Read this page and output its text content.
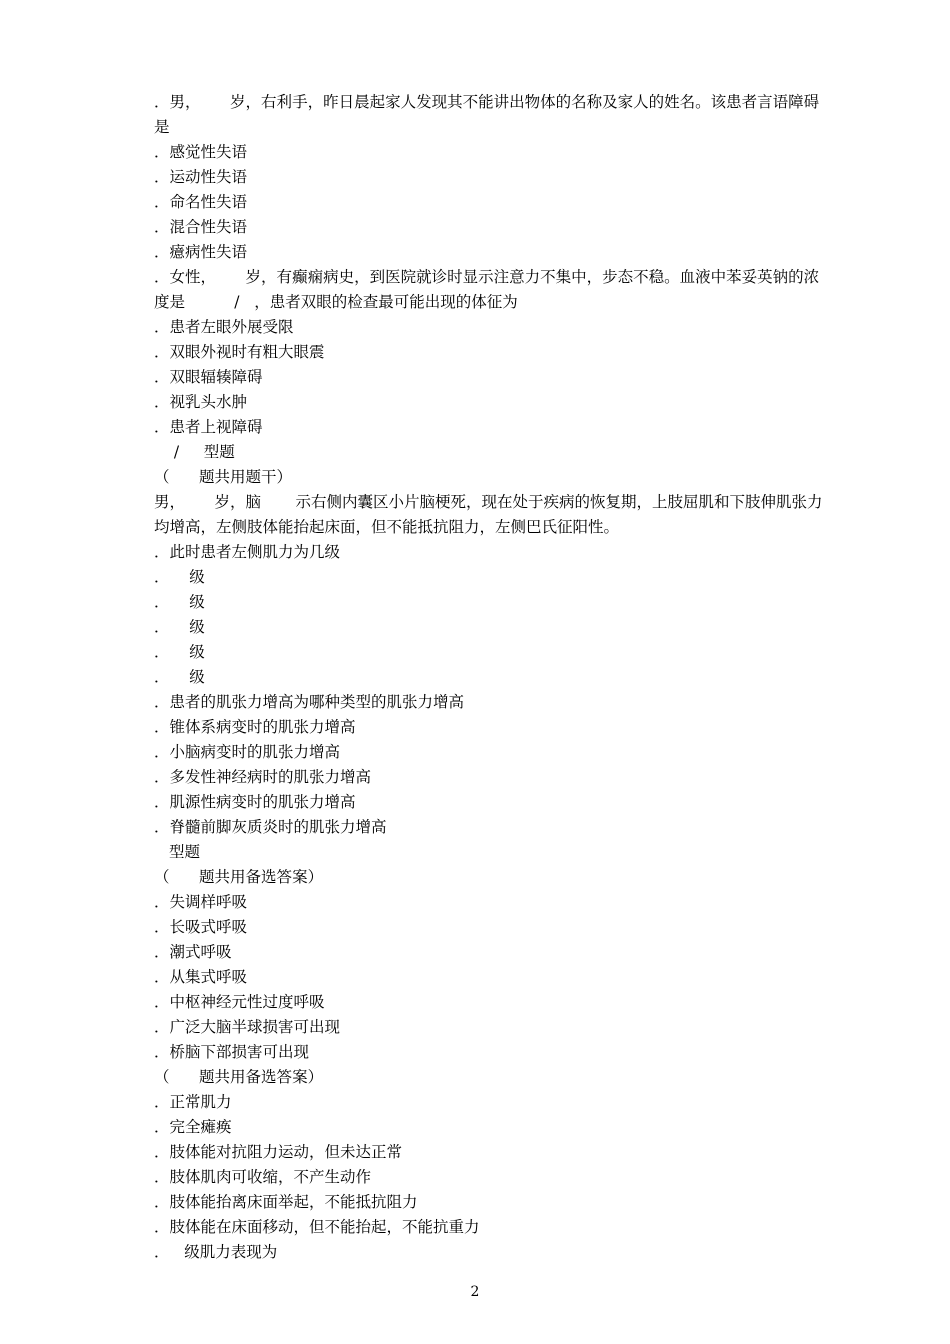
．男，      岁，右利手，昨日晨起家人发现其不能讲出物体的名称及家人的姓名。该患者言语障碍是
．感觉性失语
．运动性失语
．命名性失语
．混合性失语
．癔病性失语
．女性，      岁，有癫痫病史，到医院就诊时显示注意力不集中，步态不稳。血液中苯妥英钠的浓度是          /   ，患者双眼的检查最可能出现的体征为
．患者左眼外展受限
．双眼外视时有粗大眼震
．双眼辐辏障碍
．视乳头水肿
．患者上视障碍
/     型题
（      题共用题干）
男，      岁，脑       示右侧内囊区小片脑梗死，现在处于疾病的恢复期，上肢屈肌和下肢伸肌张力均增高，左侧肢体能抬起床面，但不能抵抗阻力，左侧巴氏征阳性。
．此时患者左侧肌力为几级
．    级
．    级
．    级
．    级
．    级
．患者的肌张力增高为哪种类型的肌张力增高
．锥体系病变时的肌张力增高
．小脑病变时的肌张力增高
．多发性神经病时的肌张力增高
．肌源性病变时的肌张力增高
．脊髓前脚灰质炎时的肌张力增高
型题
（      题共用备选答案）
．失调样呼吸
．长吸式呼吸
．潮式呼吸
．从集式呼吸
．中枢神经元性过度呼吸
．广泛大脑半球损害可出现
．桥脑下部损害可出现
（      题共用备选答案）
．正常肌力
．完全瘫痪
．肢体能对抗阻力运动，但未达正常
．肢体肌肉可收缩，不产生动作
．肢体能抬离床面举起，不能抵抗阻力
．肢体能在床面移动，但不能抬起，不能抗重力
．   级肌力表现为
2
